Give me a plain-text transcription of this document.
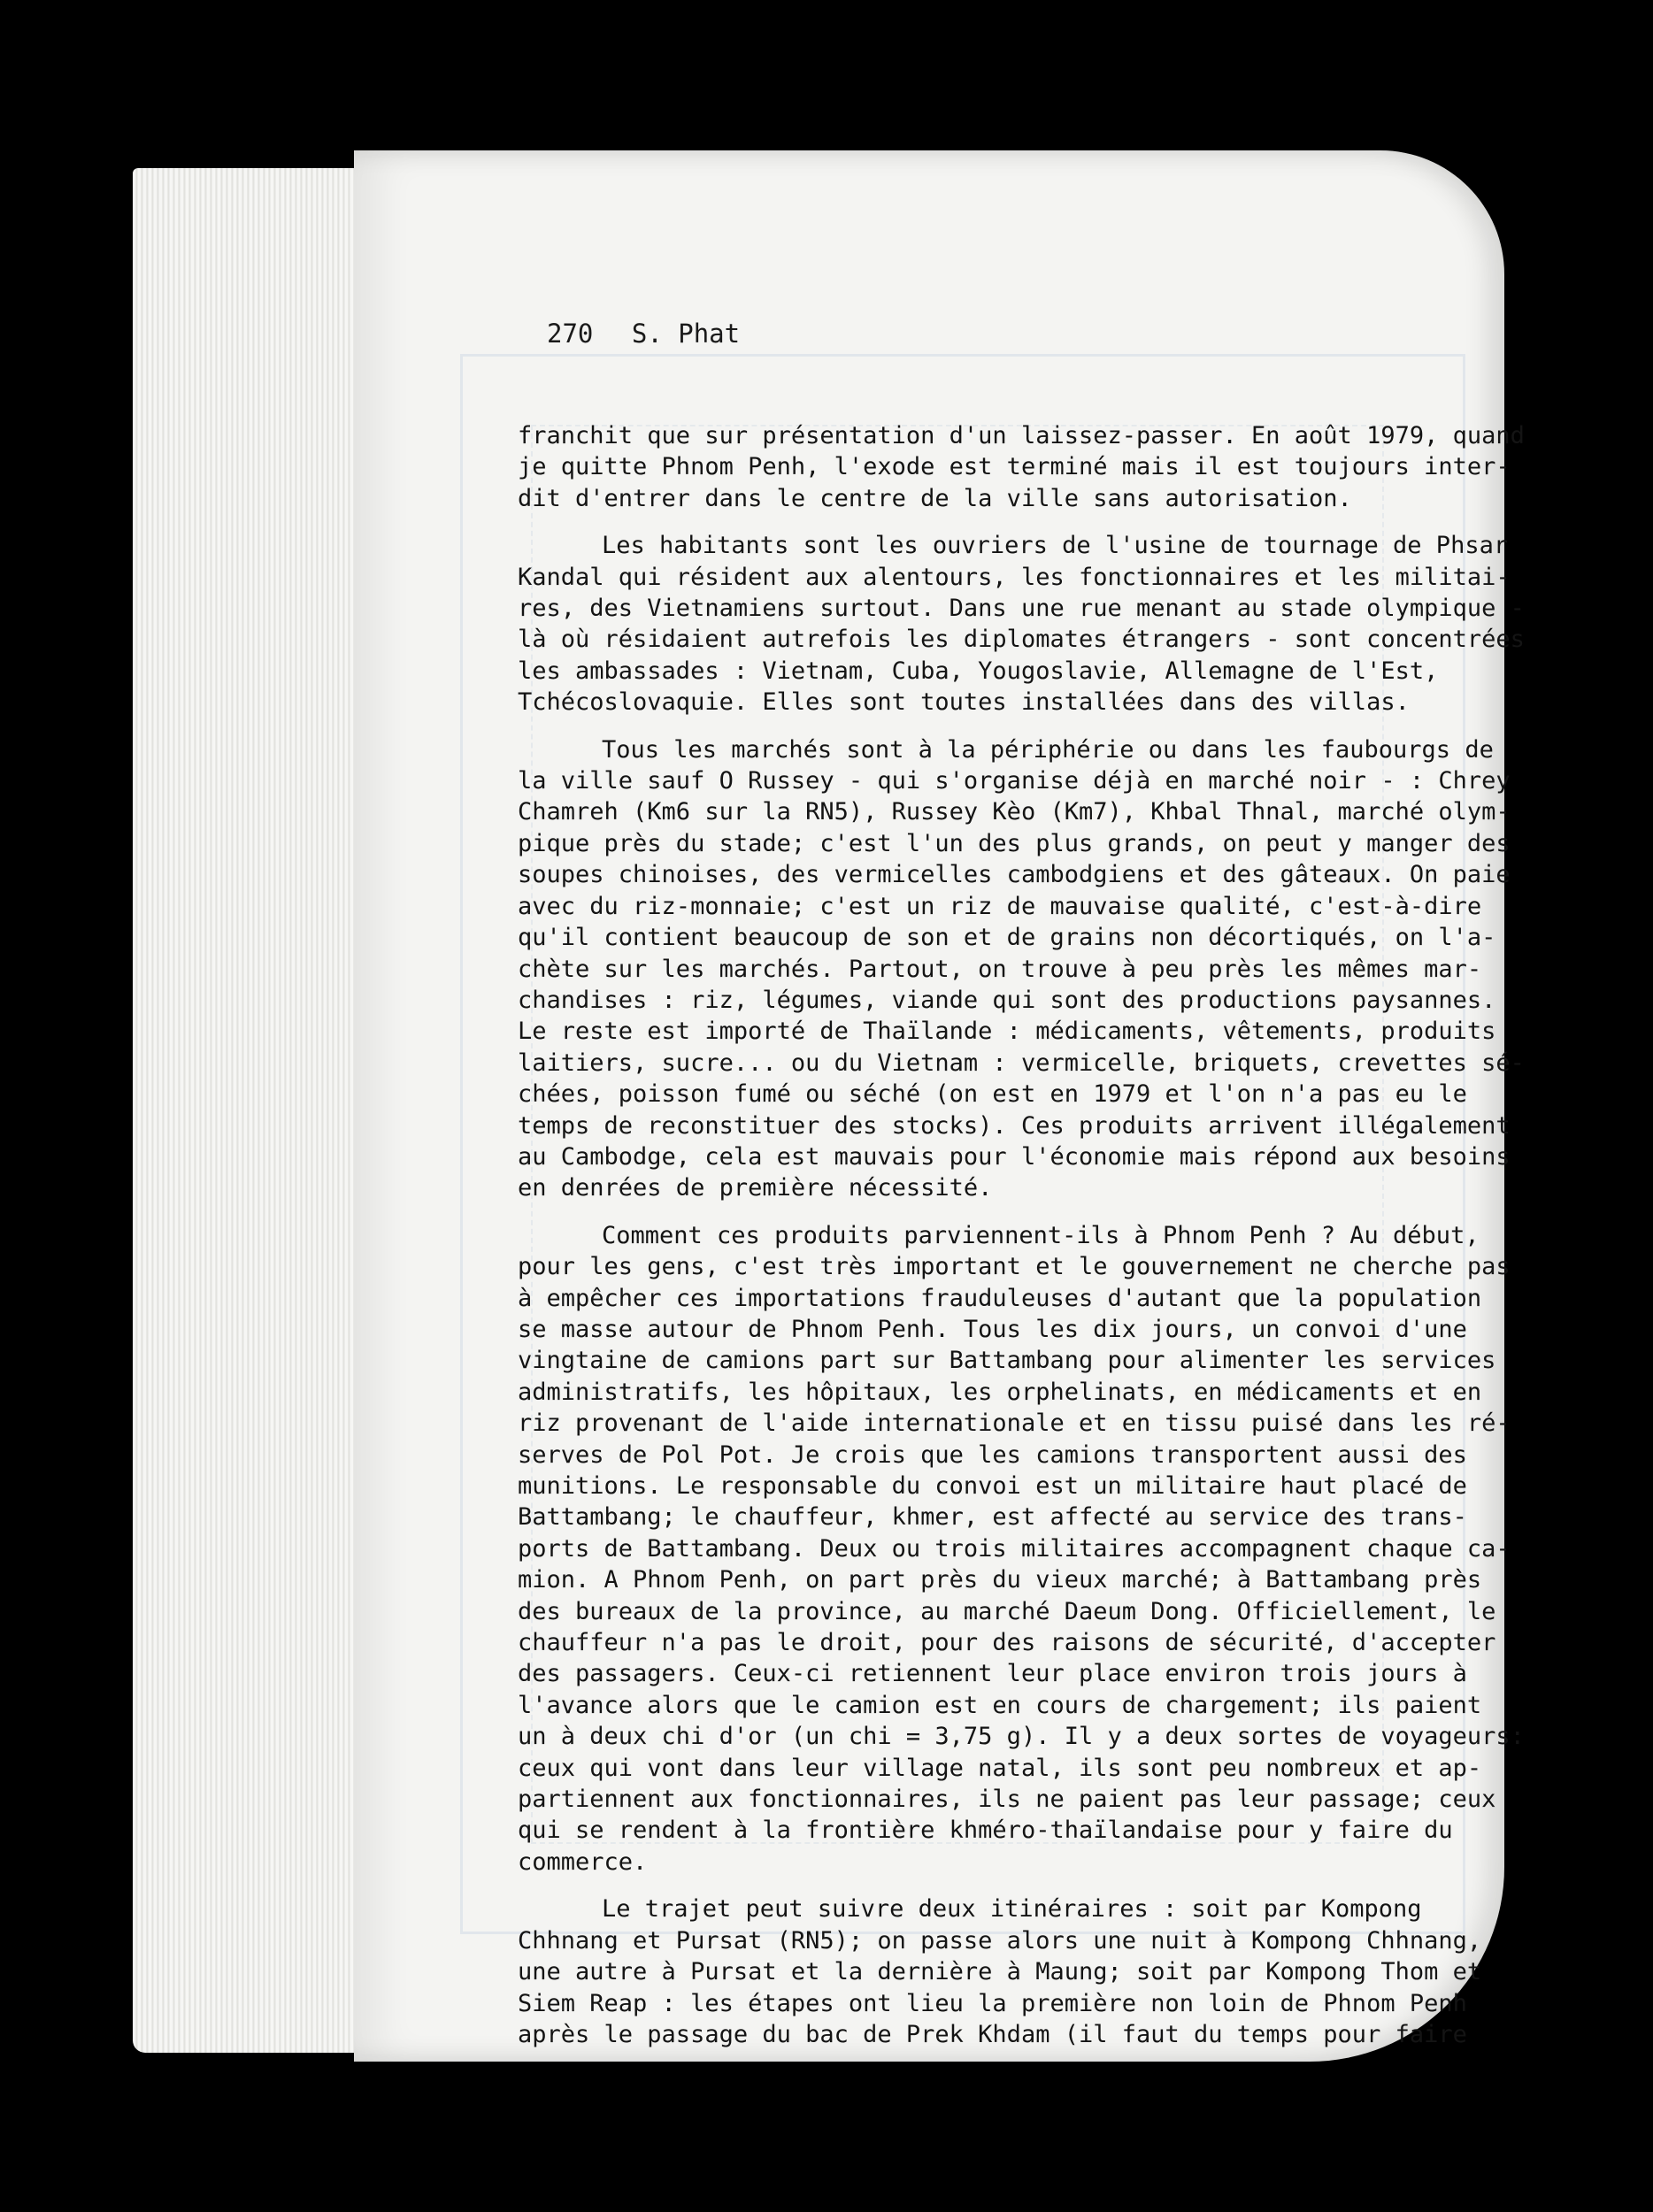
270 S. Phat
franchit que sur présentation d'un laissez-passer. En août 1979, quand
je quitte Phnom Penh, l'exode est terminé mais il est toujours inter-
dit d'entrer dans le centre de la ville sans autorisation.
Les habitants sont les ouvriers de l'usine de tournage de Phsar
Kandal qui résident aux alentours, les fonctionnaires et les militai-
res, des Vietnamiens surtout. Dans une rue menant au stade olympique -
là où résidaient autrefois les diplomates étrangers - sont concentrées
les ambassades : Vietnam, Cuba, Yougoslavie, Allemagne de l'Est,
Tchécoslovaquie. Elles sont toutes installées dans des villas.
Tous les marchés sont à la périphérie ou dans les faubourgs de
la ville sauf O Russey - qui s'organise déjà en marché noir - : Chrey
Chamreh (Km6 sur la RN5), Russey Kèo (Km7), Khbal Thnal, marché olym-
pique près du stade; c'est l'un des plus grands, on peut y manger des
soupes chinoises, des vermicelles cambodgiens et des gâteaux. On paie
avec du riz-monnaie; c'est un riz de mauvaise qualité, c'est-à-dire
qu'il contient beaucoup de son et de grains non décortiqués, on l'a-
chète sur les marchés. Partout, on trouve à peu près les mêmes mar-
chandises : riz, légumes, viande qui sont des productions paysannes.
Le reste est importé de Thaïlande : médicaments, vêtements, produits
laitiers, sucre... ou du Vietnam : vermicelle, briquets, crevettes sé-
chées, poisson fumé ou séché (on est en 1979 et l'on n'a pas eu le
temps de reconstituer des stocks). Ces produits arrivent illégalement
au Cambodge, cela est mauvais pour l'économie mais répond aux besoins
en denrées de première nécessité.
Comment ces produits parviennent-ils à Phnom Penh ? Au début,
pour les gens, c'est très important et le gouvernement ne cherche pas
à empêcher ces importations frauduleuses d'autant que la population
se masse autour de Phnom Penh. Tous les dix jours, un convoi d'une
vingtaine de camions part sur Battambang pour alimenter les services
administratifs, les hôpitaux, les orphelinats, en médicaments et en
riz provenant de l'aide internationale et en tissu puisé dans les ré-
serves de Pol Pot. Je crois que les camions transportent aussi des
munitions. Le responsable du convoi est un militaire haut placé de
Battambang; le chauffeur, khmer, est affecté au service des trans-
ports de Battambang. Deux ou trois militaires accompagnent chaque ca-
mion. A Phnom Penh, on part près du vieux marché; à Battambang près
des bureaux de la province, au marché Daeum Dong. Officiellement, le
chauffeur n'a pas le droit, pour des raisons de sécurité, d'accepter
des passagers. Ceux-ci retiennent leur place environ trois jours à
l'avance alors que le camion est en cours de chargement; ils paient
un à deux chi d'or (un chi = 3,75 g). Il y a deux sortes de voyageurs:
ceux qui vont dans leur village natal, ils sont peu nombreux et ap-
partiennent aux fonctionnaires, ils ne paient pas leur passage; ceux
qui se rendent à la frontière khméro-thaïlandaise pour y faire du
commerce.
Le trajet peut suivre deux itinéraires : soit par Kompong
Chhnang et Pursat (RN5); on passe alors une nuit à Kompong Chhnang,
une autre à Pursat et la dernière à Maung; soit par Kompong Thom et
Siem Reap : les étapes ont lieu la première non loin de Phnom Penh
après le passage du bac de Prek Khdam (il faut du temps pour faire
